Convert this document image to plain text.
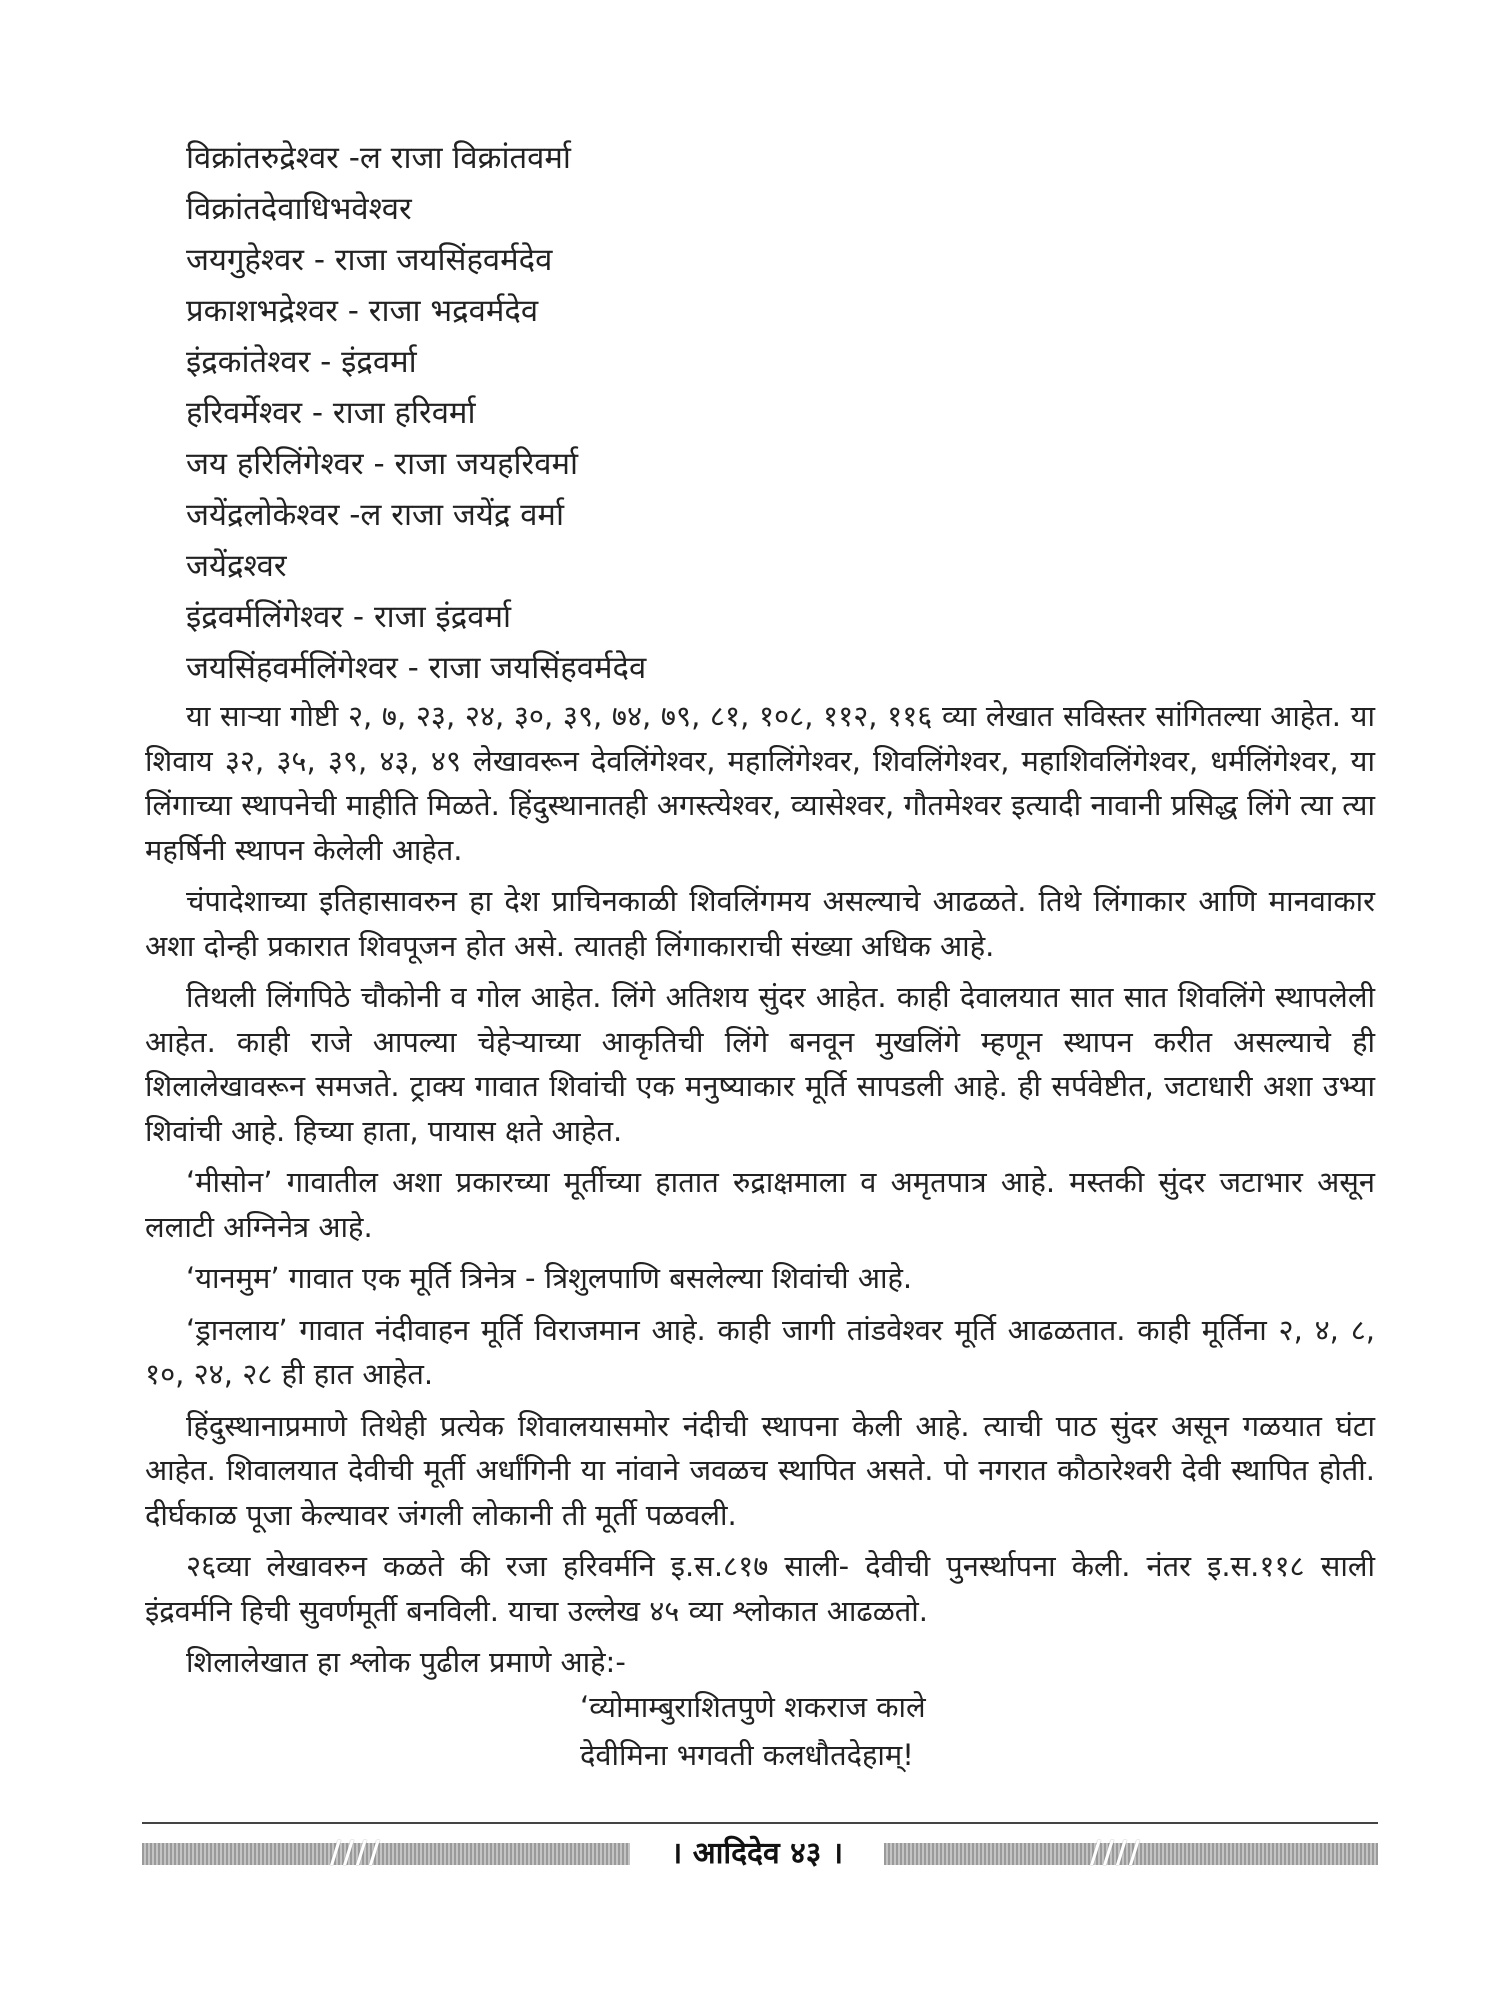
विक्रांतरुद्रेश्वर -ल राजा विक्रांतवर्मा
विक्रांतदेवाधिभवेश्वर
जयगुहेश्वर - राजा जयसिंहवर्मदेव
प्रकाशभद्रेश्वर - राजा भद्रवर्मदेव
इंद्रकांतेश्वर - इंद्रवर्मा
हरिवर्मेश्वर - राजा हरिवर्मा
जय हरिलिंगेश्वर - राजा जयहरिवर्मा
जयेंद्रलोकेश्वर -ल राजा जयेंद्र वर्मा
जयेंद्रश्वर
इंद्रवर्मलिंगेश्वर - राजा इंद्रवर्मा
जयसिंहवर्मलिंगेश्वर - राजा जयसिंहवर्मदेव

या साऱ्या गोष्टी २, ७, २३, २४, ३०, ३९, ७४, ७९, ८१, १०८, ११२, ११६ व्या लेखात सविस्तर सांगितल्या आहेत. या शिवाय ३२, ३५, ३९, ४३, ४९ लेखावरून देवलिंगेश्वर, महालिंगेश्वर, शिवलिंगेश्वर, महाशिवलिंगेश्वर, धर्मलिंगेश्वर, या लिंगाच्या स्थापनेची माहीति मिळते. हिंदुस्थानातही अगस्त्येश्वर, व्यासेश्वर, गौतमेश्वर इत्यादी नावानी प्रसिद्ध लिंगे त्या त्या महर्षिनी स्थापन केलेली आहेत.

चंपादेशाच्या इतिहासावरुन हा देश प्राचिनकाळी शिवलिंगमय असल्याचे आढळते. तिथे लिंगाकार आणि मानवाकार अशा दोन्ही प्रकारात शिवपूजन होत असे. त्यातही लिंगाकाराची संख्या अधिक आहे.

तिथली लिंगपिठे चौकोनी व गोल आहेत. लिंगे अतिशय सुंदर आहेत. काही देवालयात सात सात शिवलिंगे स्थापलेली आहेत. काही राजे आपल्या चेहेऱ्याच्या आकृतिची लिंगे बनवून मुखलिंगे म्हणून स्थापन करीत असल्याचे ही शिलालेखावरून समजते. ट्राक्य गावात शिवांची एक मनुष्याकार मूर्ति सापडली आहे. ही सर्पवेष्टीत, जटाधारी अशा उभ्या शिवांची आहे. हिच्या हाता, पायास क्षते आहेत.

‘मीसोन’ गावातील अशा प्रकारच्या मूर्तीच्या हातात रुद्राक्षमाला व अमृतपात्र आहे. मस्तकी सुंदर जटाभार असून ललाटी अग्निनेत्र आहे.

‘यानमुम’ गावात एक मूर्ति त्रिनेत्र - त्रिशुलपाणि बसलेल्या शिवांची आहे.

‘ड्रानलाय’ गावात नंदीवाहन मूर्ति विराजमान आहे. काही जागी तांडवेश्वर मूर्ति आढळतात. काही मूर्तिना २, ४, ८, १०, २४, २८ ही हात आहेत.

हिंदुस्थानाप्रमाणे तिथेही प्रत्येक शिवालयासमोर नंदीची स्थापना केली आहे. त्याची पाठ सुंदर असून गळयात घंटा आहेत. शिवालयात देवीची मूर्ती अर्धांगिनी या नांवाने जवळच स्थापित असते. पो नगरात कौठारेश्वरी देवी स्थापित होती. दीर्घकाळ पूजा केल्यावर जंगली लोकानी ती मूर्ती पळवली.

२६व्या लेखावरुन कळते की रजा हरिवर्मनि इ.स.८१७ साली- देवीची पुनर्स्थापना केली. नंतर इ.स.११८ साली इंद्रवर्मनि हिची सुवर्णमूर्ती बनविली. याचा उल्लेख ४५ व्या श्लोकात आढळतो.

शिलालेखात हा श्लोक पुढील प्रमाणे आहे:-

‘व्योमाम्बुराशितपुणे शकराज काले
देवीमिना भगवती कलधौतदेहाम्!
////	। आदिदेव ४३ ।	////
